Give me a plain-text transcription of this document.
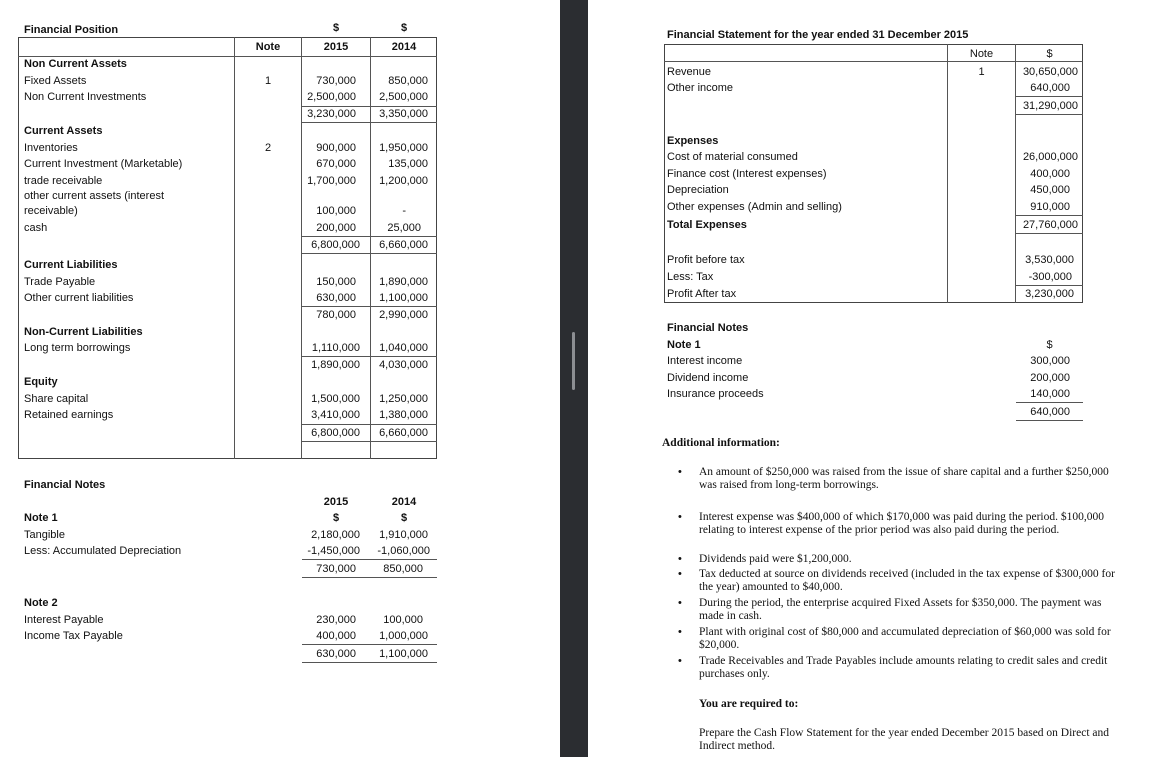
Financial Position	$	$
Note	2015	2014
Non Current Assets
Fixed Assets	1	730,000	850,000
Non Current Investments	2,500,000	2,500,000
3,230,000	3,350,000
Current Assets
Inventories	2	900,000	1,950,000
Current Investment (Marketable)	670,000	135,000
trade receivable	1,700,000	1,200,000
other current assets (interest
receivable)	100,000	-
cash	200,000	25,000
6,800,000	6,660,000
Current Liabilities
Trade Payable	150,000	1,890,000
Other current liabilities	630,000	1,100,000
780,000	2,990,000
Non-Current Liabilities
Long term borrowings	1,110,000	1,040,000
1,890,000	4,030,000
Equity
Share capital	1,500,000	1,250,000
Retained earnings	3,410,000	1,380,000
6,800,000	6,660,000
Financial Notes
2015	2014
$	$
Note 1
Tangible	2,180,000	1,910,000
Less: Accumulated Depreciation	-1,450,000	-1,060,000
730,000	850,000
Note 2
Interest Payable	230,000	100,000
Income Tax Payable	400,000	1,000,000
630,000	1,100,000
Financial Statement for the year ended 31 December 2015
Note	$
Revenue	1	30,650,000
Other income	640,000
31,290,000
Expenses
Cost of material consumed	26,000,000
Finance cost (Interest expenses)	400,000
Depreciation	450,000
Other expenses (Admin and selling)	910,000
Total Expenses	27,760,000
Profit before tax	3,530,000
Less: Tax	-300,000
Profit After tax	3,230,000
Financial Notes
Note 1	$
Interest income	300,000
Dividend income	200,000
Insurance proceeds	140,000
640,000
Additional information:
• An amount of $250,000 was raised from the issue of share capital and a further $250,000 was raised from long-term borrowings.
• Interest expense was $400,000 of which $170,000 was paid during the period. $100,000 relating to interest expense of the prior period was also paid during the period.
• Dividends paid were $1,200,000.
• Tax deducted at source on dividends received (included in the tax expense of $300,000 for the year) amounted to $40,000.
• During the period, the enterprise acquired Fixed Assets for $350,000. The payment was made in cash.
• Plant with original cost of $80,000 and accumulated depreciation of $60,000 was sold for $20,000.
• Trade Receivables and Trade Payables include amounts relating to credit sales and credit purchases only.
You are required to:
Prepare the Cash Flow Statement for the year ended December 2015 based on Direct and Indirect method.
